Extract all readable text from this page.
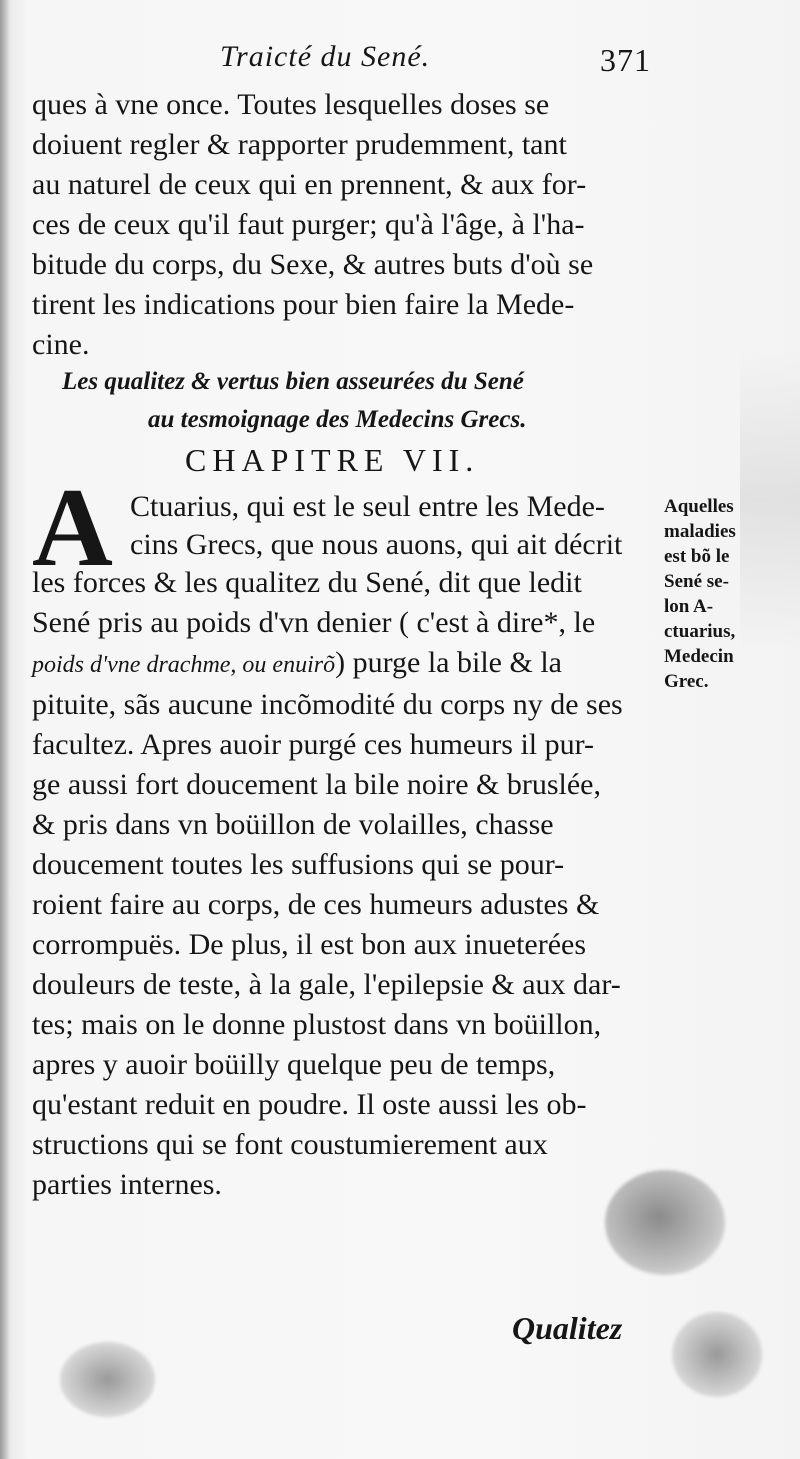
Traicté du Sené.	371
ques à vne once. Toutes lesquelles doses se
doiuent regler & rapporter prudemment, tant
au naturel de ceux qui en prennent, & aux for-
ces de ceux qu'il faut purger; qu'à l'âge, à l'ha-
bitude du corps, du Sexe, & autres buts d'où se
tirent les indications pour bien faire la Mede-
cine.
Les qualitez & vertus bien asseurées du Sené
au tesmoignage des Medecins Grecs.
CHAPITRE VII.
A Ctuarius, qui est le seul entre les Mede-
cins Grecs, que nous auons, qui ait décrit
les forces & les qualitez du Sené, dit que ledit
Sené pris au poids d'vn denier ( c'est à dire*, le
poids d'vne drachme, ou enuirõ) purge la bile & la
pituite, sãs aucune incõmodité du corps ny de ses
facultez. Apres auoir purgé ces humeurs il pur-
ge aussi fort doucement la bile noire & bruslée,
& pris dans vn boüillon de volailles, chasse
doucement toutes les suffusions qui se pour-
roient faire au corps, de ces humeurs adustes &
corrompuës. De plus, il est bon aux inueterées
douleurs de teste, à la gale, l'epilepsie & aux dar-
tes; mais on le donne plustost dans vn boüillon,
apres y auoir boüilly quelque peu de temps,
qu'estant reduit en poudre. Il oste aussi les ob-
structions qui se font coustumierement aux
parties internes.
Aquelles
maladies
est bõ le
Sené se-
lon A-
ctuarius,
Medecin
Grec.
Qualitez
